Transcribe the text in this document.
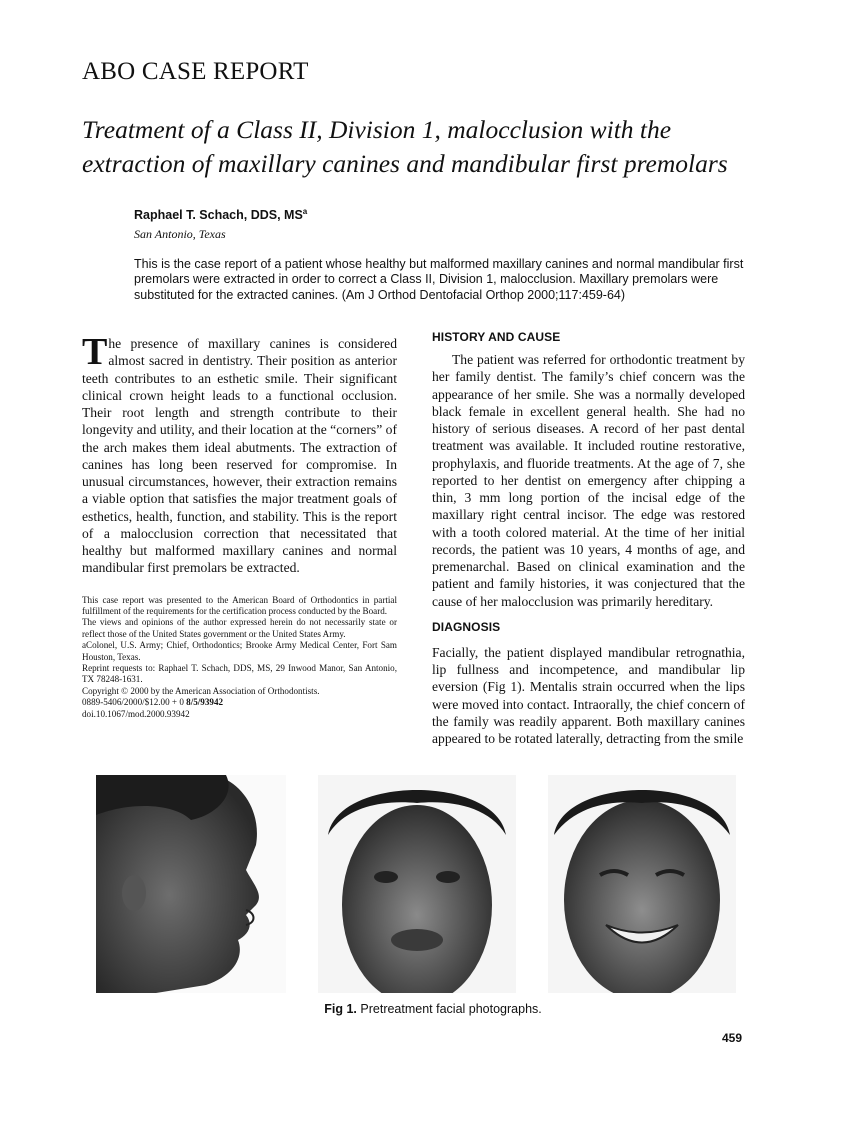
ABO CASE REPORT
Treatment of a Class II, Division 1, malocclusion with the
extraction of maxillary canines and mandibular first premolars
Raphael T. Schach, DDS, $MS^a$
San Antonio, Texas
This is the case report of a patient whose healthy but malformed maxillary canines and normal mandibular first premolars were extracted in order to correct a Class II, Division 1, malocclusion. Maxillary premolars were substituted for the extracted canines. (Am J Orthod Dentofacial Orthop 2000;117:459-64)
The presence of maxillary canines is considered almost sacred in dentistry. Their position as anterior teeth contributes to an esthetic smile. Their significant clinical crown height leads to a functional occlusion. Their root length and strength contribute to their longevity and utility, and their location at the “corners” of the arch makes them ideal abutments. The extraction of canines has long been reserved for compromise. In unusual circumstances, however, their extraction remains a viable option that satisfies the major treatment goals of esthetics, health, function, and stability. This is the report of a malocclusion correction that necessitated that healthy but malformed maxillary canines and normal mandibular first premolars be extracted.

This case report was presented to the American Board of Orthodontics in partial fulfillment of the requirements for the certification process conducted by the Board.

The views and opinions of the author expressed herein do not necessarily state or reflect those of the United States government or the United States Army.

aColonel, U.S. Army; Chief, Orthodontics; Brooke Army Medical Center, Fort Sam Houston, Texas.

Reprint requests to: Raphael T. Schach, DDS, MS, 29 Inwood Manor, San Antonio, TX 78248-1631.

Copyright © 2000 by the American Association of Orthodontists.

0889-5406/2000/$12.00 + 0 8/5/93942

doi.10.1067/mod.2000.93942

HISTORY AND CAUSE
The patient was referred for orthodontic treatment by her family dentist. The family’s chief concern was the appearance of her smile. She was a normally developed black female in excellent general health. She had no history of serious diseases. A record of her past dental treatment was available. It included routine restorative, prophylaxis, and fluoride treatments. At the age of 7, she reported to her dentist on emergency after chipping a thin, 3 mm long portion of the incisal edge of the maxillary right central incisor. The edge was restored with a tooth colored material. At the time of her initial records, the patient was 10 years, 4 months of age, and premenarchal. Based on clinical examination and the patient and family histories, it was conjectured that the cause of her malocclusion was primarily hereditary.
DIAGNOSIS
Facially, the patient displayed mandibular retrognathia, lip fullness and incompetence, and mandibular lip eversion (Fig 1). Mentalis strain occurred when the lips were moved into contact. Intraorally, the chief concern of the family was readily apparent. Both maxillary canines appeared to be rotated laterally, detracting from the smile
Fig 1. Pretreatment facial photographs.
459
